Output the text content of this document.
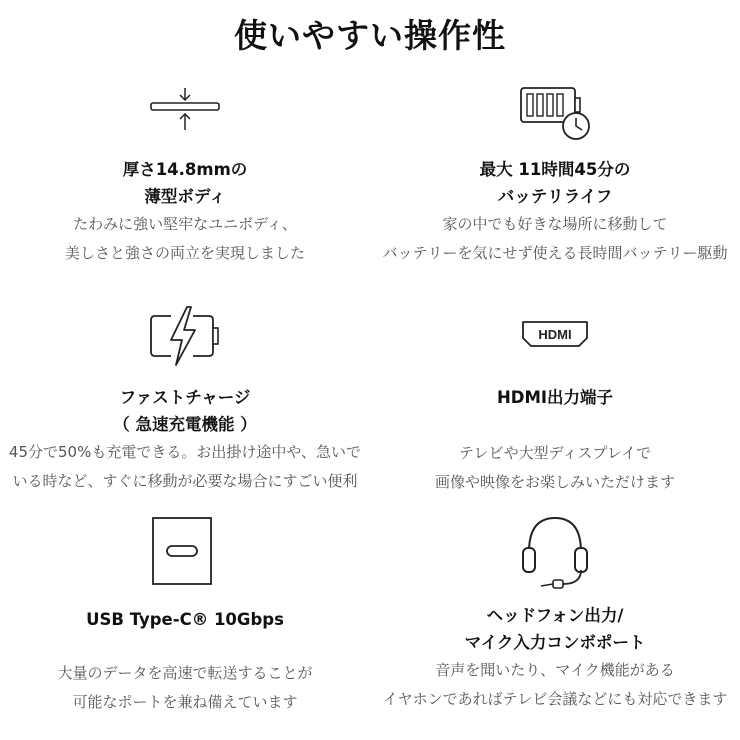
使いやすい操作性
厚さ14.8mmの
薄型ボディ
たわみに強い堅牢なユニボディ、
美しさと強さの両立を実現しました
最大 11時間45分の
バッテリライフ
家の中でも好きな場所に移動して
バッテリーを気にせず使える長時間バッテリー駆動
ファストチャージ
（ 急速充電機能 ）
45分で50%も充電できる。お出掛け途中や、急いで
いる時など、すぐに移動が必要な場合にすごい便利
HDMI
HDMI出力端子
テレビや大型ディスプレイで
画像や映像をお楽しみいただけます
USB Type-C® 10Gbps
大量のデータを高速で転送することが
可能なポートを兼ね備えています
ヘッドフォン出力/
マイク入力コンボポート
音声を聞いたり、マイク機能がある
イヤホンであればテレビ会議などにも対応できます
